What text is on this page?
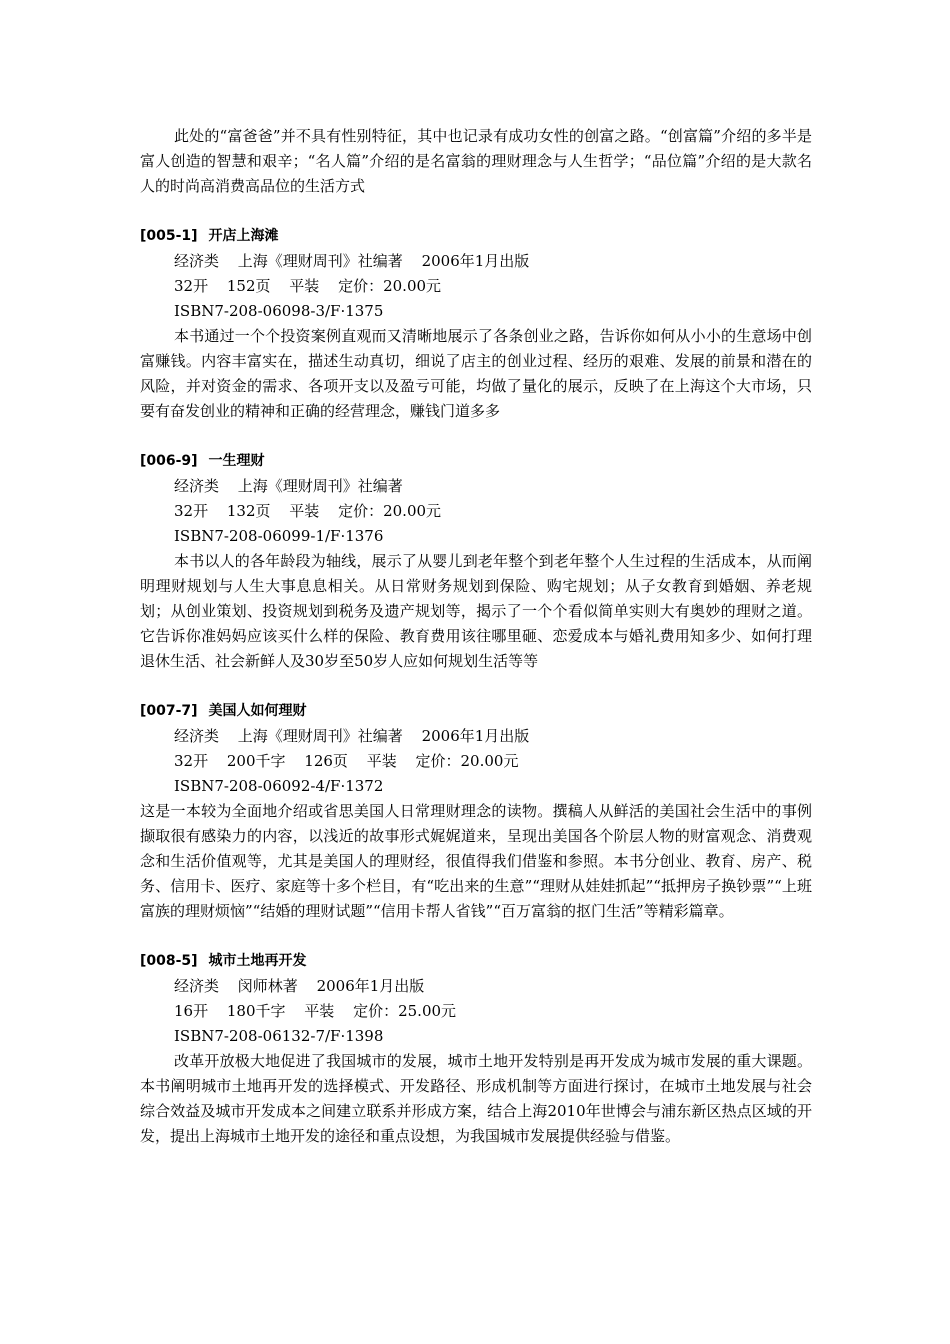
此处的“富爸爸”并不具有性别特征，其中也记录有成功女性的创富之路。“创富篇”介绍的多半是富人创造的智慧和艰辛；“名人篇”介绍的是名富翁的理财理念与人生哲学；“品位篇”介绍的是大款名人的时尚高消费高品位的生活方式

[005-1] 开店上海滩
经济类 上海《理财周刊》社编著 2006年1月出版
32开 152页 平装 定价：20.00元
ISBN7-208-06098-3/F·1375

本书通过一个个投资案例直观而又清晰地展示了各条创业之路，告诉你如何从小小的生意场中创富赚钱。内容丰富实在，描述生动真切，细说了店主的创业过程、经历的艰难、发展的前景和潜在的风险，并对资金的需求、各项开支以及盈亏可能，均做了量化的展示，反映了在上海这个大市场，只要有奋发创业的精神和正确的经营理念，赚钱门道多多

[006-9] 一生理财
经济类 上海《理财周刊》社编著
32开 132页 平装 定价：20.00元
ISBN7-208-06099-1/F·1376

本书以人的各年龄段为轴线，展示了从婴儿到老年整个到老年整个人生过程的生活成本，从而阐明理财规划与人生大事息息相关。从日常财务规划到保险、购宅规划；从子女教育到婚姻、养老规划；从创业策划、投资规划到税务及遗产规划等，揭示了一个个看似简单实则大有奥妙的理财之道。它告诉你准妈妈应该买什么样的保险、教育费用该往哪里砸、恋爱成本与婚礼费用知多少、如何打理退休生活、社会新鲜人及30岁至50岁人应如何规划生活等等

[007-7] 美国人如何理财
经济类 上海《理财周刊》社编著 2006年1月出版
32开 200千字 126页 平装 定价：20.00元
ISBN7-208-06092-4/F·1372

这是一本较为全面地介绍或省思美国人日常理财理念的读物。撰稿人从鲜活的美国社会生活中的事例撷取很有感染力的内容，以浅近的故事形式娓娓道来，呈现出美国各个阶层人物的财富观念、消费观念和生活价值观等，尤其是美国人的理财经，很值得我们借鉴和参照。本书分创业、教育、房产、税务、信用卡、医疗、家庭等十多个栏目，有“吃出来的生意”“理财从娃娃抓起”“抵押房子换钞票”“上班富族的理财烦恼”“结婚的理财试题”“信用卡帮人省钱”“百万富翁的抠门生活”等精彩篇章。

[008-5] 城市土地再开发
经济类 闵师林著 2006年1月出版
16开 180千字 平装 定价：25.00元
ISBN7-208-06132-7/F·1398

改革开放极大地促进了我国城市的发展，城市土地开发特别是再开发成为城市发展的重大课题。本书阐明城市土地再开发的选择模式、开发路径、形成机制等方面进行探讨，在城市土地发展与社会综合效益及城市开发成本之间建立联系并形成方案，结合上海2010年世博会与浦东新区热点区域的开发，提出上海城市土地开发的途径和重点设想，为我国城市发展提供经验与借鉴。
